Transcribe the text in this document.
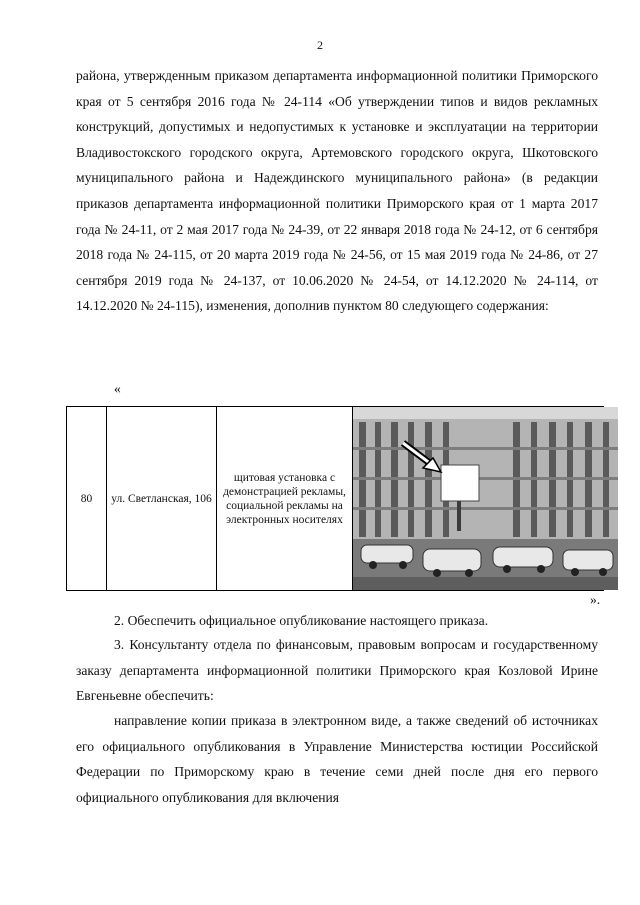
2
района, утвержденным приказом департамента информационной политики Приморского края от 5 сентября 2016 года № 24-114 «Об утверждении типов и видов рекламных конструкций, допустимых и недопустимых к установке и эксплуатации на территории Владивостокского городского округа, Артемовского городского округа, Шкотовского муниципального района и Надеждинского муниципального района» (в редакции приказов департамента информационной политики Приморского края от 1 марта 2017 года № 24-11, от 2 мая 2017 года № 24-39, от 22 января 2018 года № 24-12, от 6 сентября 2018 года № 24-115, от 20 марта 2019 года № 24-56, от 15 мая 2019 года № 24-86, от 27 сентября 2019 года № 24-137, от 10.06.2020 № 24-54, от 14.12.2020 № 24-114, от 14.12.2020 № 24-115), изменения, дополнив пунктом 80 следующего содержания:
«
80	ул. Светланская, 106	щитовая установка с демонстрацией рекламы, социальной рекламы на электронных носителях	
».
2. Обеспечить официальное опубликование настоящего приказа.
3. Консультанту отдела по финансовым, правовым вопросам и государственному заказу департамента информационной политики Приморского края Козловой Ирине Евгеньевне обеспечить:
направление копии приказа в электронном виде, а также сведений об источниках его официального опубликования в Управление Министерства юстиции Российской Федерации по Приморскому краю в течение семи дней после дня его первого официального опубликования для включения
